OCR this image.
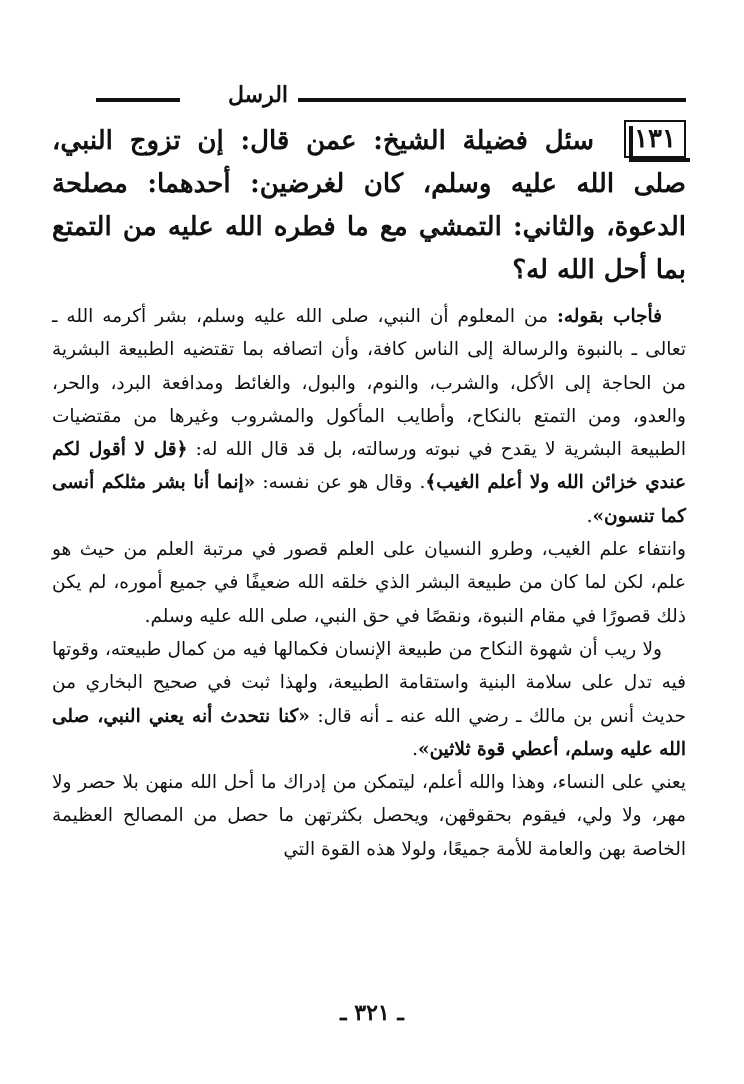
الرسل

١٣١سئل فضيلة الشيخ: عمن قال: إن تزوج النبي، صلى الله عليه وسلم، كان لغرضين: أحدهما: مصلحة الدعوة، والثاني: التمشي مع ما فطره الله عليه من التمتع بما أحل الله له؟

فأجاب بقوله: من المعلوم أن النبي، صلى الله عليه وسلم، بشر أكرمه الله ـ تعالى ـ بالنبوة والرسالة إلى الناس كافة، وأن اتصافه بما تقتضيه الطبيعة البشرية من الحاجة إلى الأكل، والشرب، والنوم، والبول، والغائط ومدافعة البرد، والحر، والعدو، ومن التمتع بالنكاح، وأطايب المأكول والمشروب وغيرها من مقتضيات الطبيعة البشرية لا يقدح في نبوته ورسالته، بل قد قال الله له: ﴿قل لا أقول لكم عندي خزائن الله ولا أعلم الغيب﴾. وقال هو عن نفسه: «إنما أنا بشر مثلكم أنسى كما تنسون».

وانتفاء علم الغيب، وطرو النسيان على العلم قصور في مرتبة العلم من حيث هو علم، لكن لما كان من طبيعة البشر الذي خلقه الله ضعيفًا في جميع أموره، لم يكن ذلك قصورًا في مقام النبوة، ونقصًا في حق النبي، صلى الله عليه وسلم.

ولا ريب أن شهوة النكاح من طبيعة الإنسان فكمالها فيه من كمال طبيعته، وقوتها فيه تدل على سلامة البنية واستقامة الطبيعة، ولهذا ثبت في صحيح البخاري من حديث أنس بن مالك ـ رضي الله عنه ـ أنه قال: «كنا نتحدث أنه يعني النبي، صلى الله عليه وسلم، أعطي قوة ثلاثين».

يعني على النساء، وهذا والله أعلم، ليتمكن من إدراك ما أحل الله منهن بلا حصر ولا مهر، ولا ولي، فيقوم بحقوقهن، ويحصل بكثرتهن ما حصل من المصالح العظيمة الخاصة بهن والعامة للأمة جميعًا، ولولا هذه القوة التي

ـ ٣٢١ ـ
